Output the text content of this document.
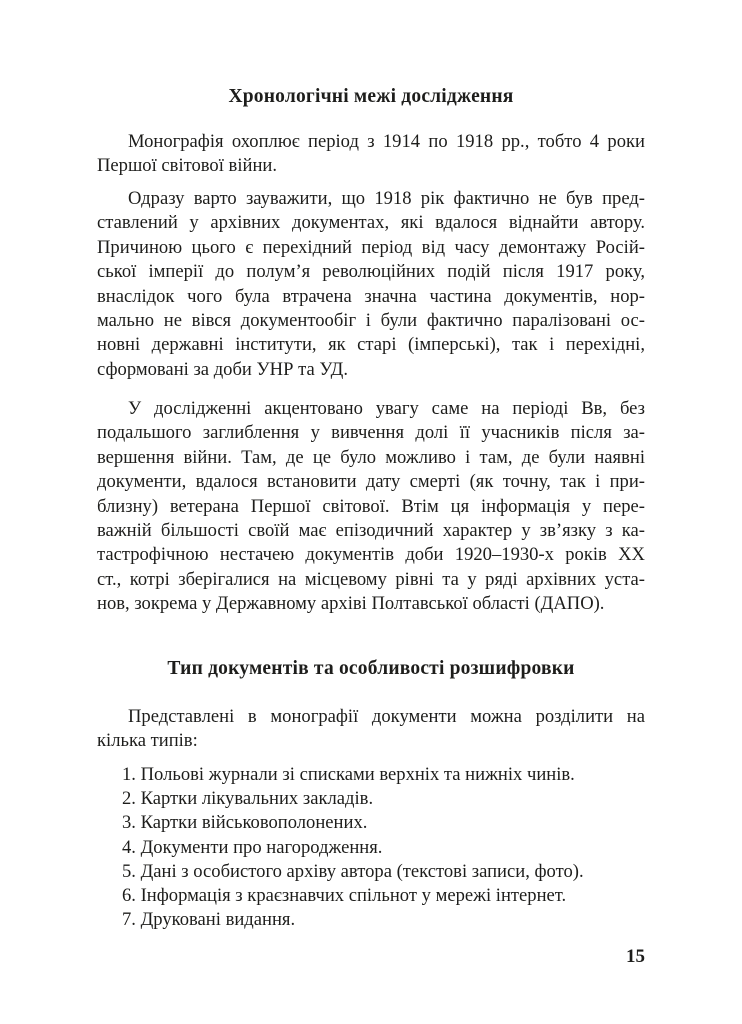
Хронологічні межі дослідження

Монографія охоплює період з 1914 по 1918 рр., тобто 4 роки
Першої світової війни.

Одразу варто зауважити, що 1918 рік фактично не був пред-
ставлений у архівних документах, які вдалося віднайти автору.
Причиною цього є перехідний період від часу демонтажу Росій-
ської імперії до полум’я революційних подій після 1917 року,
внаслідок чого була втрачена значна частина документів, нор-
мально не вівся документообіг і були фактично паралізовані ос-
новні державні інститути, як старі (імперські), так і перехідні,
сформовані за доби УНР та УД.

У дослідженні акцентовано увагу саме на періоді Вв, без
подальшого заглиблення у вивчення долі її учасників після за-
вершення війни. Там, де це було можливо і там, де були наявні
документи, вдалося встановити дату смерті (як точну, так і при-
близну) ветерана Першої світової. Втім ця інформація у пере-
важній більшості своїй має епізодичний характер у зв’язку з ка-
тастрофічною нестачею документів доби 1920–1930-х років ХХ
ст., котрі зберігалися на місцевому рівні та у ряді архівних уста-
нов, зокрема у Державному архіві Полтавської області (ДАПО).

Тип документів та особливості розшифровки

Представлені в монографії документи можна розділити на
кілька типів:

1. Польові журнали зі списками верхніх та нижніх чинів.
2. Картки лікувальних закладів.
3. Картки військовополонених.
4. Документи про нагородження.
5. Дані з особистого архіву автора (текстові записи, фото).
6. Інформація з краєзнавчих спільнот у мережі інтернет.
7. Друковані видання.
15
